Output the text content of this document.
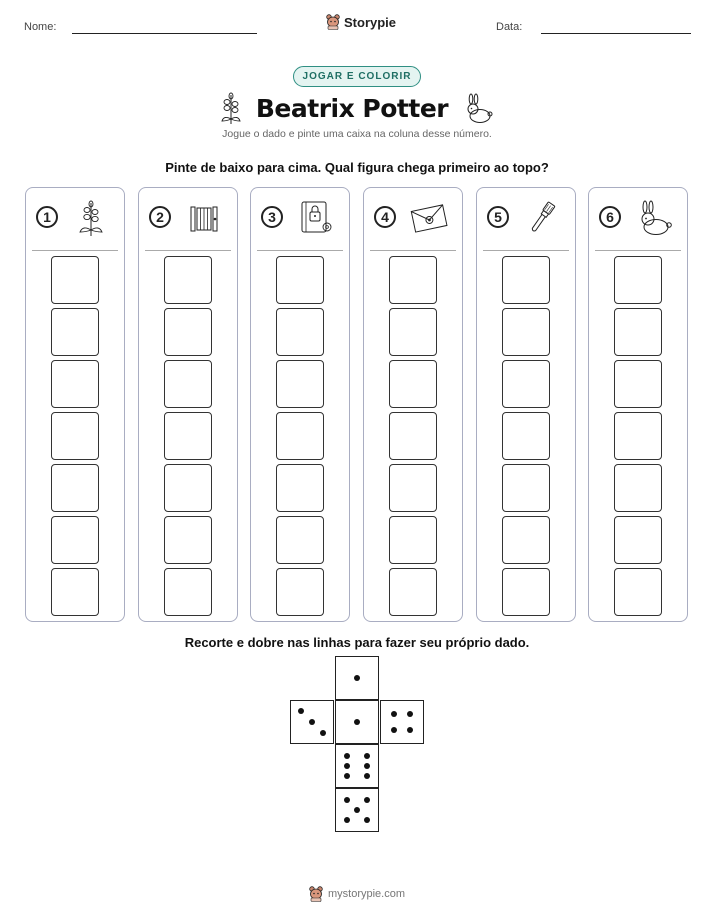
Nome:	Storypie	Data:
JOGAR E COLORIR
Beatrix Potter
Jogue o dado e pinte uma caixa na coluna desse número.
Pinte de baixo para cima. Qual figura chega primeiro ao topo?
1	2	3	4	5	6
Recorte e dobre nas linhas para fazer seu próprio dado.
mystorypie.com
